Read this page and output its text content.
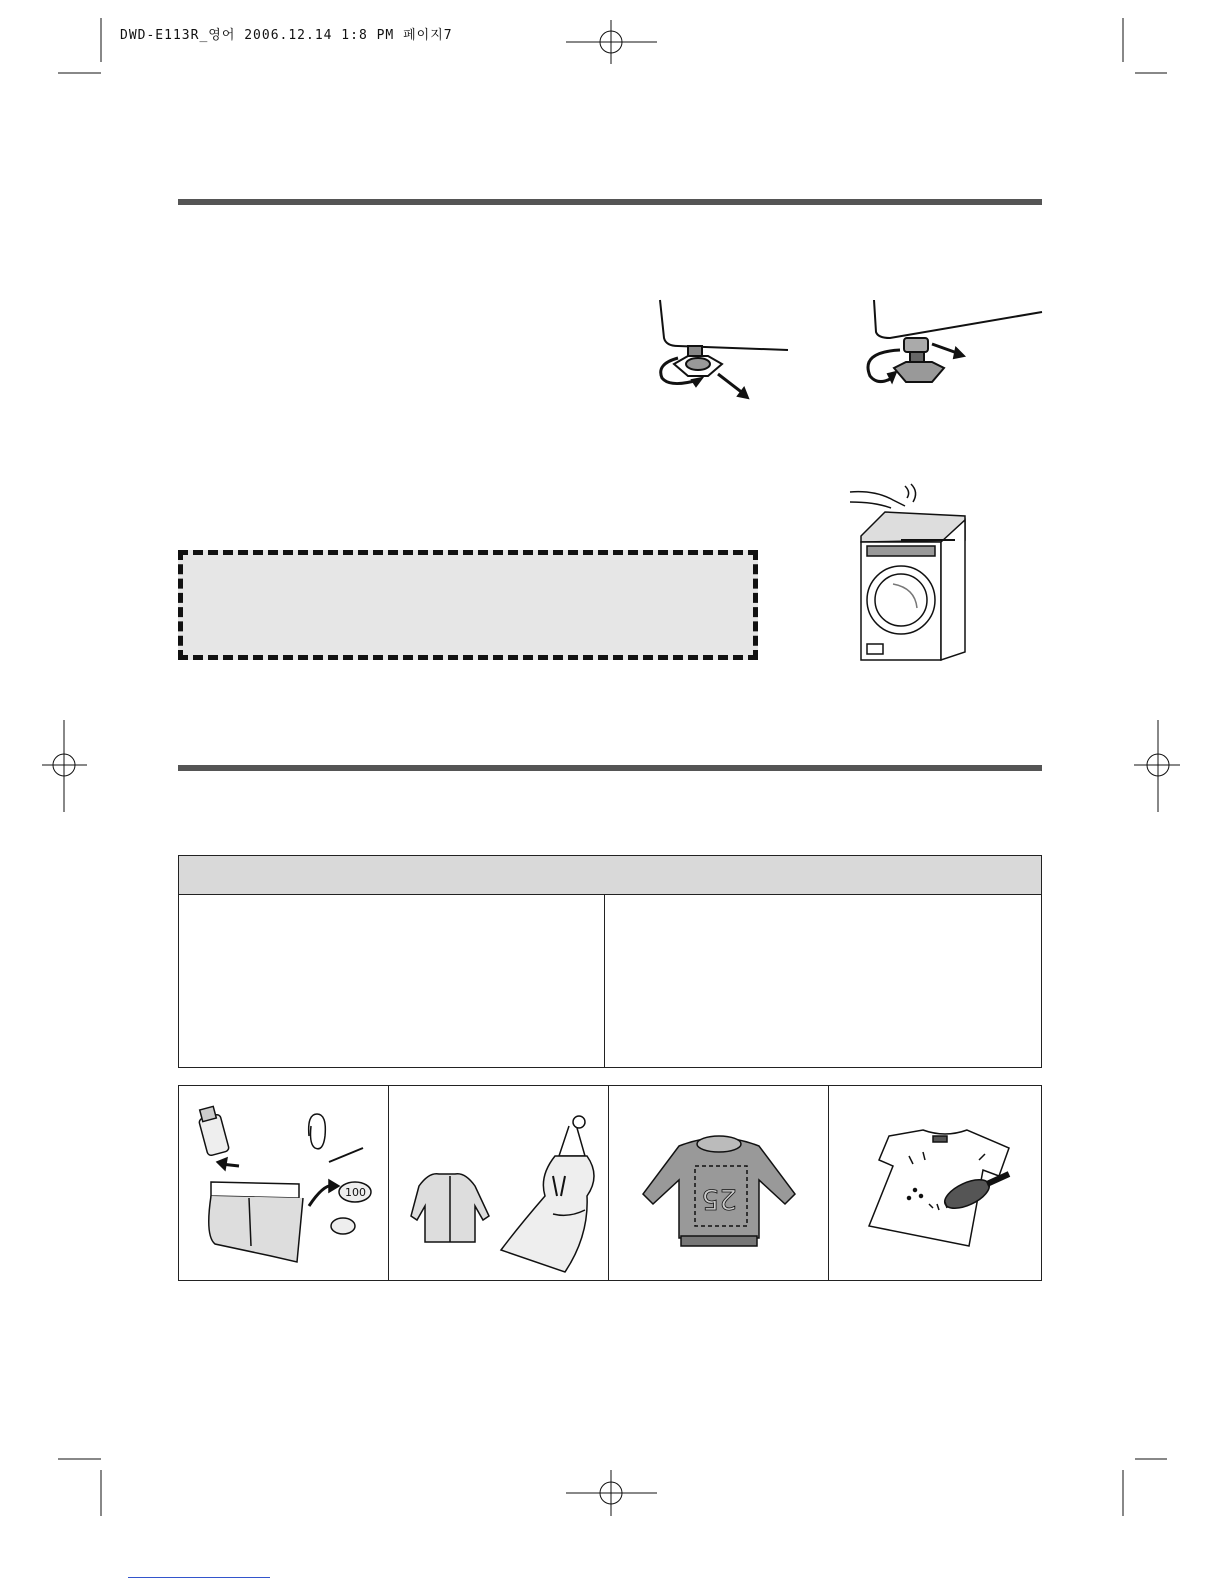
DWD-E113R_영어 2006.12.14 1:8 PM 페이지7
100	25
